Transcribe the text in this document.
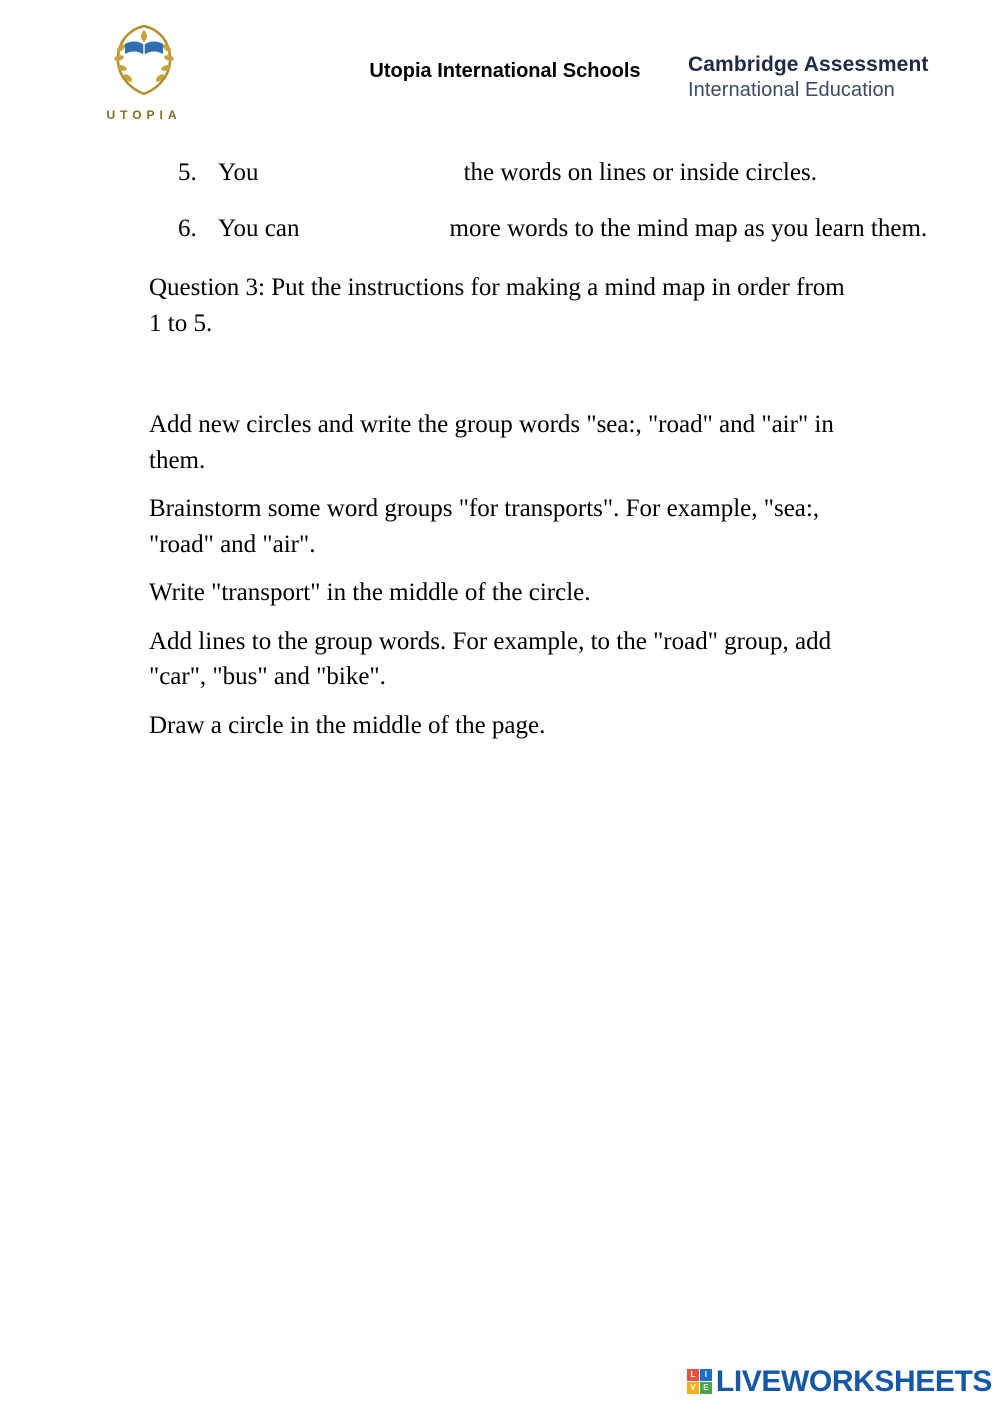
UTOPIA
Utopia International Schools	Cambridge Assessment
International Education
5. You	the words on lines or inside circles.
6. You can	more words to the mind map as you learn them.

Question 3: Put the instructions for making a mind map in order from 1 to 5.

Add new circles and write the group words "sea:, "road" and "air" in them.

Brainstorm some word groups "for transports". For example, "sea:, "road" and "air".

Write "transport" in the middle of the circle.

Add lines to the group words. For example, to the "road" group, add "car", "bus" and "bike".

Draw a circle in the middle of the page.

L	I
V E LIVEWORKSHEETS
